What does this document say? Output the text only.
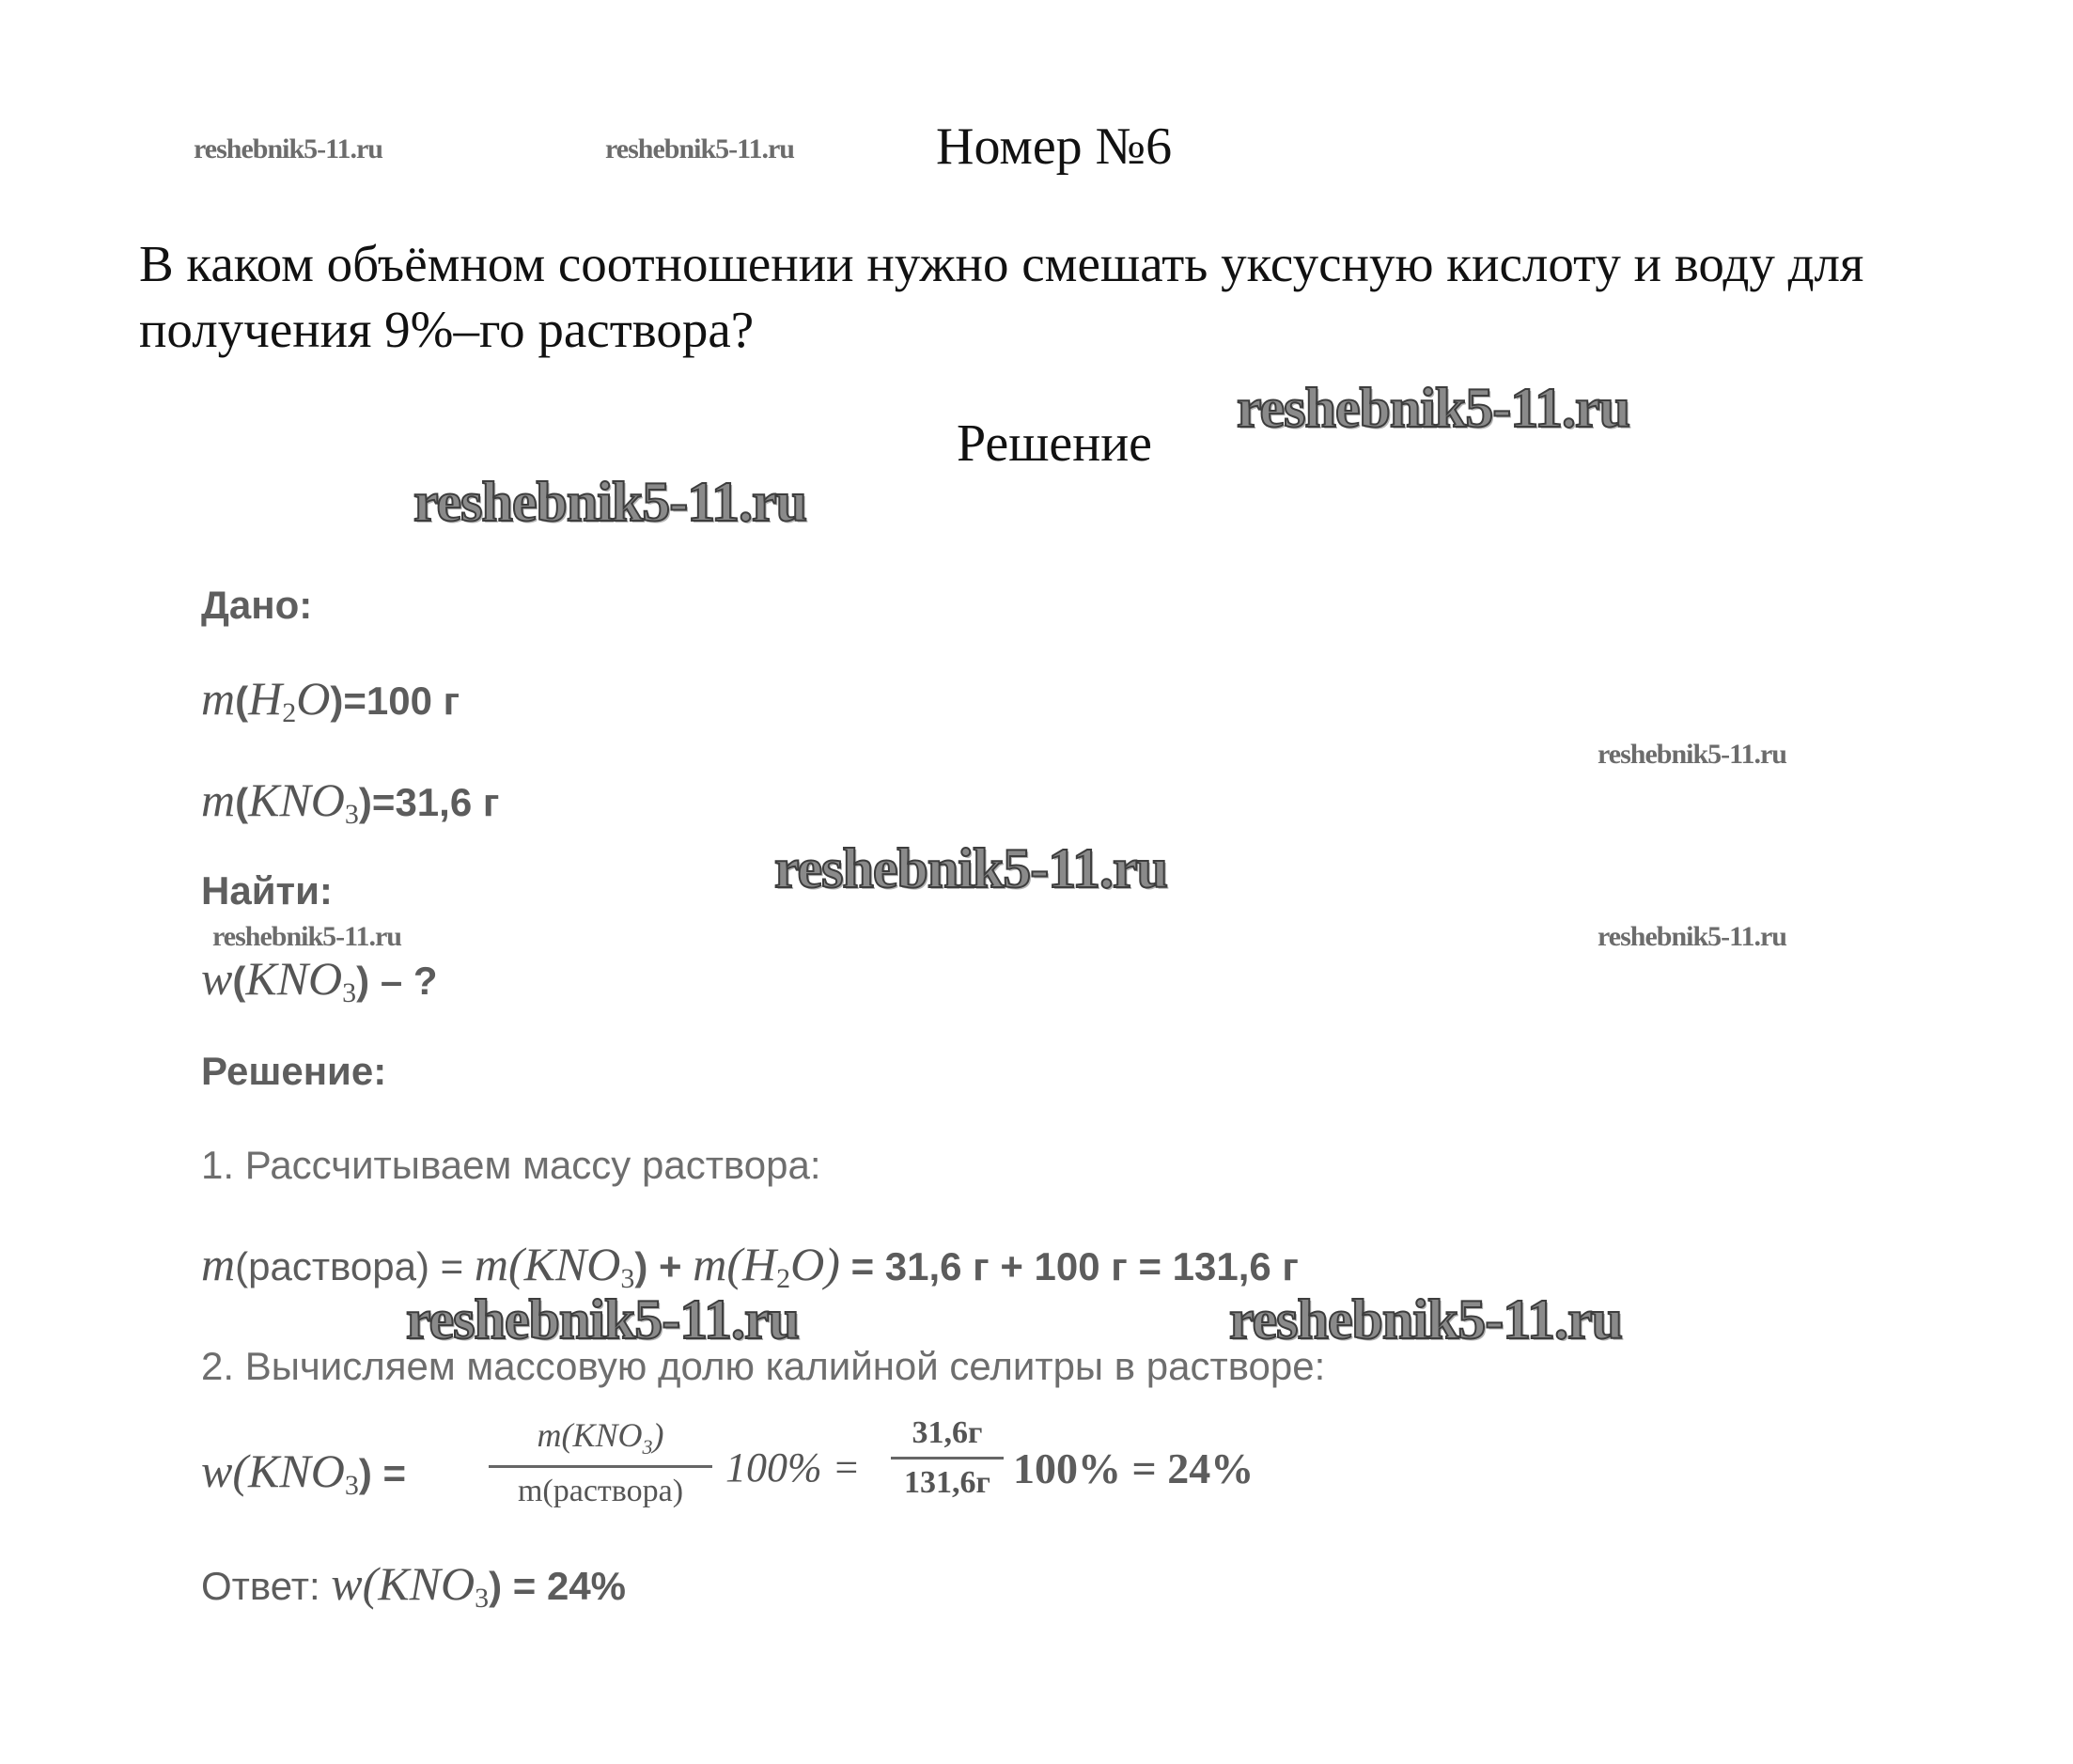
reshebnik5-11.ru	reshebnik5-11.ru	Номер №6
В каком объёмном соотношении нужно смешать уксусную кислоту и воду для получения 9%–го раствора?
Решение
reshebnik5-11.ru
reshebnik5-11.ru
Дано:
$m(H_2O)=100$ г
reshebnik5-11.ru
$m(KNO_3)=31,6$ г
reshebnik5-11.ru
Найти:
reshebnik5-11.ru	reshebnik5-11.ru
$w(KNO_3)$ – ?
Решение:
1. Рассчитываем массу раствора:
m(раствора) = $m(KNO_3) + m(H_2O) = 31,6$ г + 100 г = 131,6 г
reshebnik5-11.ru	reshebnik5-11.ru
2. Вычисляем массовую долю калийной селитры в растворе:
$w(KNO_3)$ =
$m(KNO_3)$
m(раствора)
100% =
31,6г
131,6г 100% = 24%
Ответ: $w(KNO_3) = 24\%$
